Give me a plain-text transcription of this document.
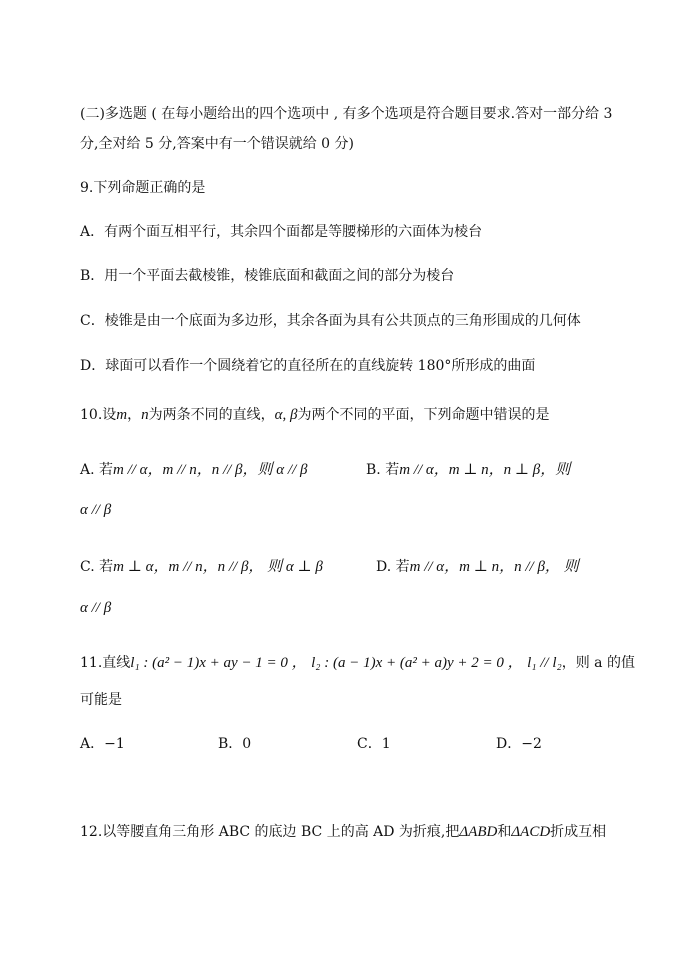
(二)多选题 ( 在每小题给出的四个选项中 , 有多个选项是符合题目要求.答对一部分给 3
分,全对给 5 分,答案中有一个错误就给 0 分)
9.下列命题正确的是
A．有两个面互相平行，其余四个面都是等腰梯形的六面体为棱台
B．用一个平面去截棱锥，棱锥底面和截面之间的部分为棱台
C．棱锥是由一个底面为多边形，其余各面为具有公共顶点的三角形围成的几何体
D．球面可以看作一个圆绕着它的直径所在的直线旋转 180°所形成的曲面
10.设m，n为两条不同的直线，α, β为两个不同的平面，下列命题中错误的是
A. 若m // α，m // n，n // β，则 α // β	B. 若m // α，m ⊥ n，n ⊥ β，则
α // β
C. 若m ⊥ α，m // n，n // β， 则 α ⊥ β	D. 若m // α，m ⊥ n，n // β， 则
α // β
11.直线l₁ : (a² − 1)x + ay − 1 = 0 ， l₂ : (a − 1)x + (a² + a)y + 2 = 0 ， l₁ // l₂，则 a 的值
可能是
A．−1	B．0	C．1	D．−2
12.以等腰直角三角形 ABC 的底边 BC 上的高 AD 为折痕,把ΔABD和ΔACD折成互相
